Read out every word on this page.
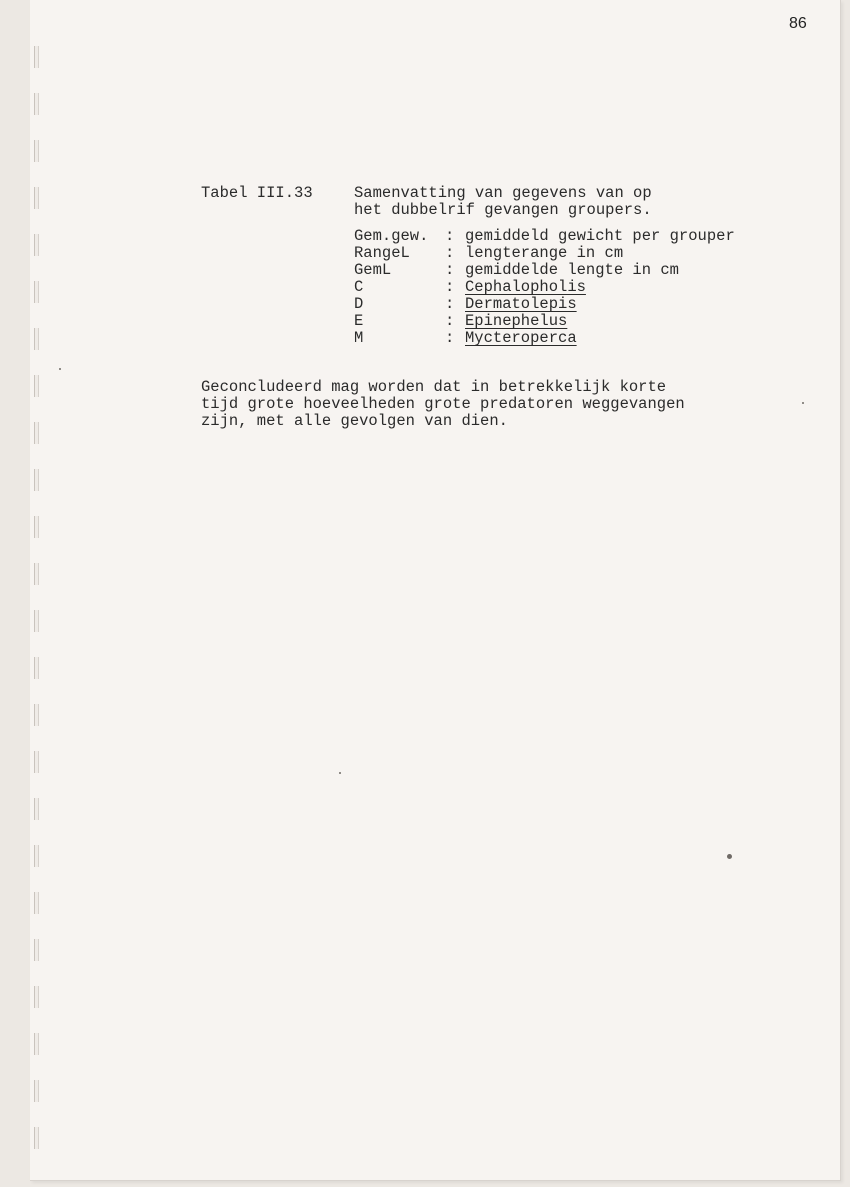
86
Tabel III.33	Samenvatting van gegevens van op
het dubbelrif gevangen groupers.
Gem.gew. : gemiddeld gewicht per grouper
RangeL : lengterange in cm
GemL	: gemiddelde lengte in cm
C	: Cephalopholis
D	: Dermatolepis
E	: Epinephelus
M	: Mycteroperca
Geconcludeerd mag worden dat in betrekkelijk korte
tijd grote hoeveelheden grote predatoren weggevangen
zijn, met alle gevolgen van dien.
